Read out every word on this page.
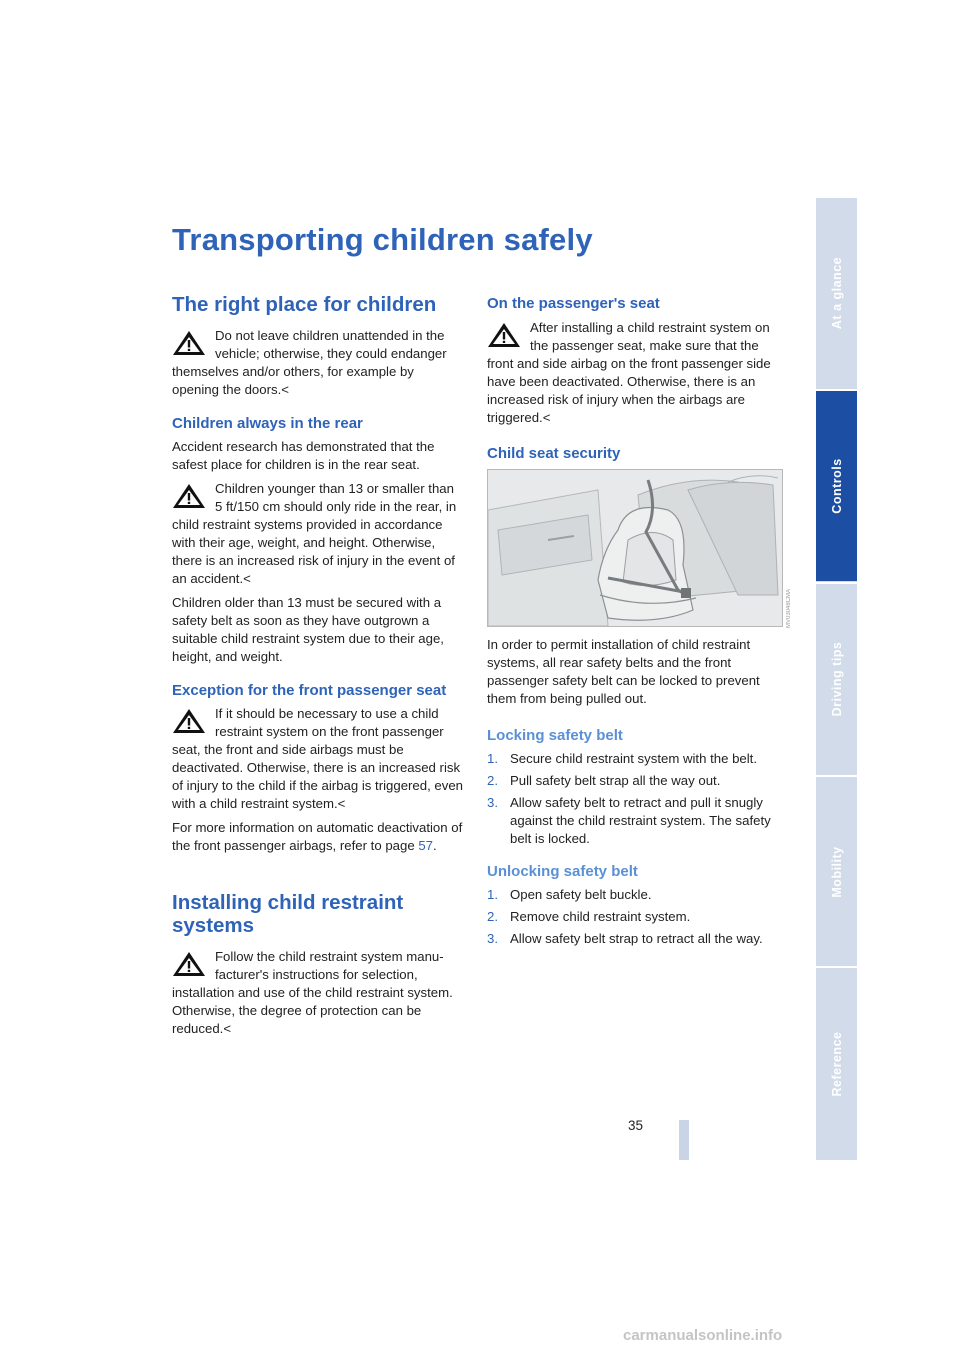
Transporting children safely
The right place for children

Do not leave children unattended in the vehicle; otherwise, they could endanger themselves and/or others, for example by opening the doors.<

Children always in the rear

Accident research has demonstrated that the safest place for children is in the rear seat.

Children younger than 13 or smaller than 5 ft/150 cm should only ride in the rear, in child restraint systems provided in accordance with their age, weight, and height. Otherwise, there is an increased risk of injury in the event of an accident.<

Children older than 13 must be secured with a safety belt as soon as they have outgrown a suitable child restraint system due to their age, height, and weight.

Exception for the front passenger seat

If it should be necessary to use a child restraint system on the front passenger seat, the front and side airbags must be deactivated. Otherwise, there is an increased risk of injury to the child if the airbag is triggered, even with a child restraint system.<

For more information on automatic deactivation of the front passenger airbags, refer to page 57.

Installing child restraint systems

Follow the child restraint system manu- facturer's instructions for selection, installation and use of the child restraint system. Otherwise, the degree of protection can be reduced.<

On the passenger's seat

After installing a child restraint system on the passenger seat, make sure that the front and side airbag on the front passenger side have been deactivated. Otherwise, there is an increased risk of injury when the airbags are triggered.<

Child seat security
MV03048CMA

In order to permit installation of child restraint systems, all rear safety belts and the front passenger safety belt can be locked to prevent them from being pulled out.

Locking safety belt
1. Secure child restraint system with the belt.
2. Pull safety belt strap all the way out.
3. Allow safety belt to retract and pull it snugly against the child restraint system. The safety belt is locked.
Unlocking safety belt
1. Open safety belt buckle.
2. Remove child restraint system.
3. Allow safety belt strap to retract all the way.
At a glance
Controls
Driving tips
Mobility
Reference
35
carmanualsonline.info
